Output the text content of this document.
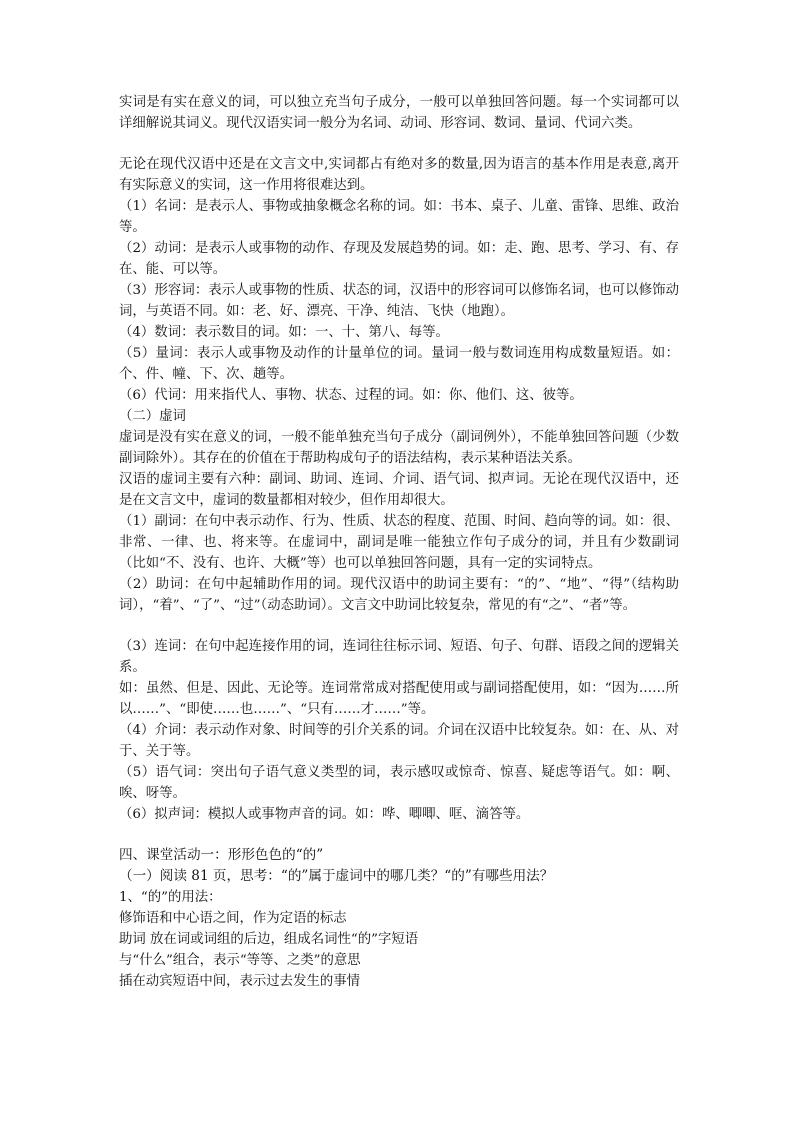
实词是有实在意义的词，可以独立充当句子成分，一般可以单独回答问题。每一个实词都可以详细解说其词义。现代汉语实词一般分为名词、动词、形容词、数词、量词、代词六类。

无论在现代汉语中还是在文言文中,实词都占有绝对多的数量,因为语言的基本作用是表意,离开有实际意义的实词，这一作用将很难达到。

（1）名词：是表示人、事物或抽象概念名称的词。如：书本、桌子、儿童、雷锋、思维、政治等。

（2）动词：是表示人或事物的动作、存现及发展趋势的词。如：走、跑、思考、学习、有、存在、能、可以等。

（3）形容词：表示人或事物的性质、状态的词，汉语中的形容词可以修饰名词，也可以修饰动词，与英语不同。如：老、好、漂亮、干净、纯洁、飞快（地跑）。

（4）数词：表示数目的词。如：一、十、第八、每等。

（5）量词：表示人或事物及动作的计量单位的词。量词一般与数词连用构成数量短语。如：个、件、幢、下、次、趟等。

（6）代词：用来指代人、事物、状态、过程的词。如：你、他们、这、彼等。

（二）虚词

虚词是没有实在意义的词，一般不能单独充当句子成分（副词例外），不能单独回答问题（少数副词除外）。其存在的价值在于帮助构成句子的语法结构，表示某种语法关系。

汉语的虚词主要有六种：副词、助词、连词、介词、语气词、拟声词。无论在现代汉语中，还是在文言文中，虚词的数量都相对较少，但作用却很大。

（1）副词：在句中表示动作、行为、性质、状态的程度、范围、时间、趋向等的词。如：很、非常、一律、也、将来等。在虚词中，副词是唯一能独立作句子成分的词，并且有少数副词（比如“不、没有、也许、大概”等）也可以单独回答问题，具有一定的实词特点。

（2）助词：在句中起辅助作用的词。现代汉语中的助词主要有：“的”、“地”、“得”（结构助词），“着”、“了”、“过”（动态助词）。文言文中助词比较复杂，常见的有“之”、“者”等。

（3）连词：在句中起连接作用的词，连词往往标示词、短语、句子、句群、语段之间的逻辑关系。

如：虽然、但是、因此、无论等。连词常常成对搭配使用或与副词搭配使用，如：“因为……所以……”、“即使……也……”、“只有……才……”等。

（4）介词：表示动作对象、时间等的引介关系的词。介词在汉语中比较复杂。如：在、从、对于、关于等。

（5）语气词：突出句子语气意义类型的词，表示感叹或惊奇、惊喜、疑虑等语气。如：啊、唉、呀等。

（6）拟声词：模拟人或事物声音的词。如：哗、唧唧、哐、滴答等。

四、课堂活动一：形形色色的“的”

（一）阅读 81 页，思考：“的”属于虚词中的哪几类？“的”有哪些用法？

1、“的”的用法：

修饰语和中心语之间，作为定语的标志

助词 放在词或词组的后边，组成名词性“的”字短语

与“什么”组合，表示“等等、之类”的意思

插在动宾短语中间，表示过去发生的事情
